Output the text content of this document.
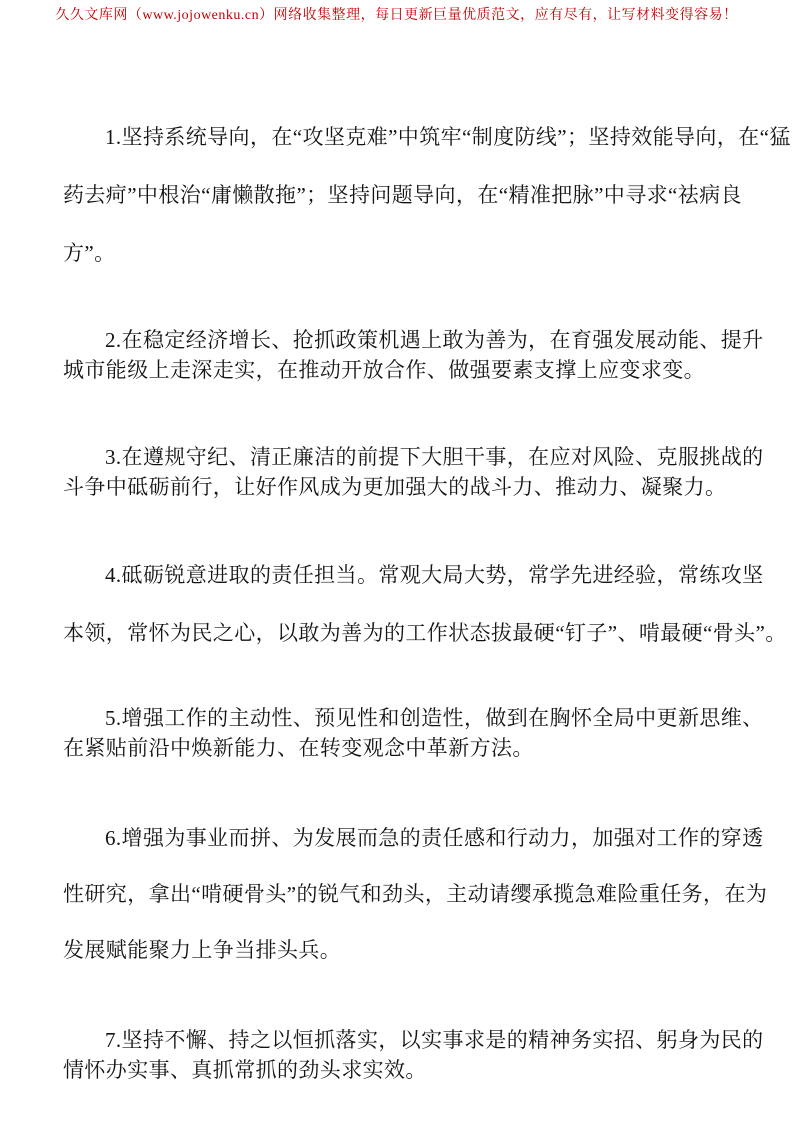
久久文库网（www.jojowenku.cn）网络收集整理，每日更新巨量优质范文，应有尽有，让写材料变得容易！
1.坚持系统导向，在“攻坚克难”中筑牢“制度防线”；坚持效能导向，在“猛
药去疴”中根治“庸懒散拖”；坚持问题导向，在“精准把脉”中寻求“祛病良
方”。
2.在稳定经济增长、抢抓政策机遇上敢为善为，在育强发展动能、提升
城市能级上走深走实，在推动开放合作、做强要素支撑上应变求变。
3.在遵规守纪、清正廉洁的前提下大胆干事，在应对风险、克服挑战的
斗争中砥砺前行，让好作风成为更加强大的战斗力、推动力、凝聚力。
4.砥砺锐意进取的责任担当。常观大局大势，常学先进经验，常练攻坚
本领，常怀为民之心，以敢为善为的工作状态拔最硬“钉子”、啃最硬“骨头”。
5.增强工作的主动性、预见性和创造性，做到在胸怀全局中更新思维、
在紧贴前沿中焕新能力、在转变观念中革新方法。
6.增强为事业而拼、为发展而急的责任感和行动力，加强对工作的穿透
性研究，拿出“啃硬骨头”的锐气和劲头，主动请缨承揽急难险重任务，在为
发展赋能聚力上争当排头兵。
7.坚持不懈、持之以恒抓落实，以实事求是的精神务实招、躬身为民的
情怀办实事、真抓常抓的劲头求实效。
